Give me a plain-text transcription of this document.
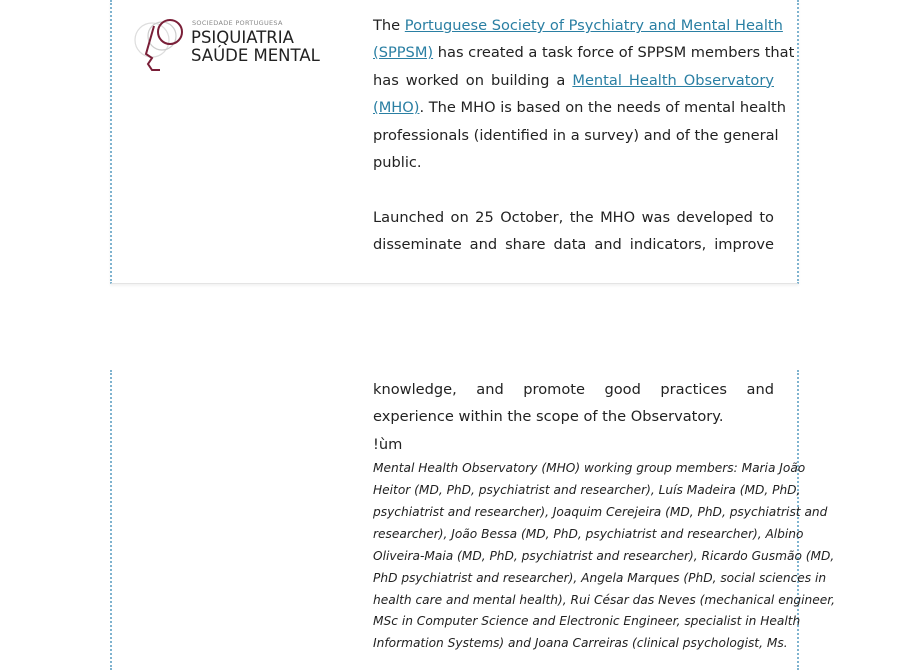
SOCIEDADE PORTUGUESA
PSIQUIATRIA
SAÚDE MENTAL
The Portuguese Society of Psychiatry and Mental Health
(SPPSM) has created a task force of SPPSM members that
has worked on building a Mental Health Observatory
(MHO). The MHO is based on the needs of mental health
professionals (identified in a survey) and of the general
public.
Launched on 25 October, the MHO was developed to
disseminate and share data and indicators, improve
knowledge, and promote good practices and
experience within the scope of the Observatory.
!ùm
Mental Health Observatory (MHO) working group members: Maria João
Heitor (MD, PhD, psychiatrist and researcher), Luís Madeira (MD, PhD,
psychiatrist and researcher), Joaquim Cerejeira (MD, PhD, psychiatrist and
researcher), João Bessa (MD, PhD, psychiatrist and researcher), Albino
Oliveira-Maia (MD, PhD, psychiatrist and researcher), Ricardo Gusmão (MD,
PhD psychiatrist and researcher), Angela Marques (PhD, social sciences in
health care and mental health), Rui César das Neves (mechanical engineer,
MSc in Computer Science and Electronic Engineer, specialist in Health
Information Systems) and Joana Carreiras (clinical psychologist, Ms.
